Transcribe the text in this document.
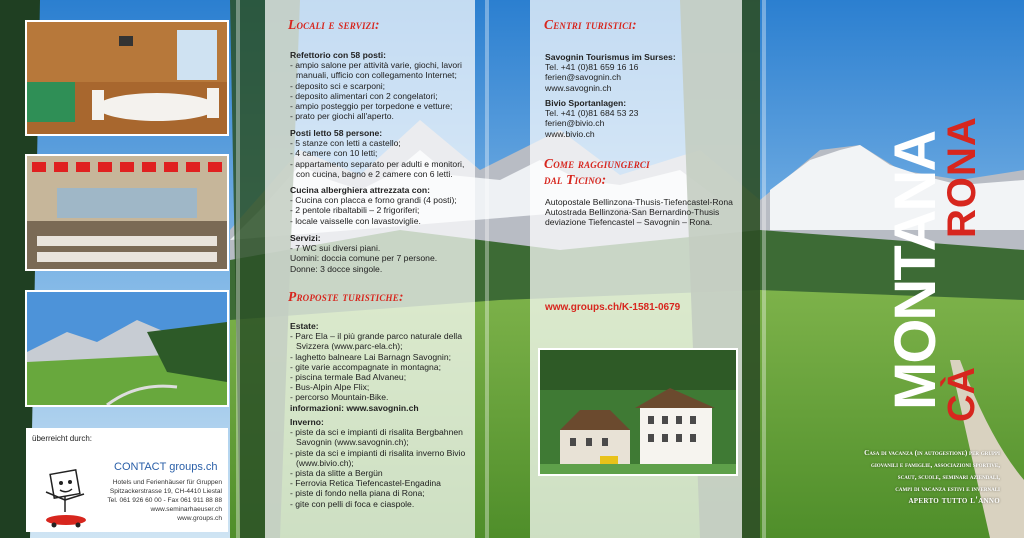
überreicht durch:
CONTACT groups.ch
Hotels und Ferienhäuser für Gruppen
Spitzackerstrasse 19, CH-4410 Liestal
Tel. 061 926 60 00 - Fax 061 911 88 88
www.seminarhaeuser.ch
www.groups.ch
Locali e servizi:
Refettorio con 58 posti:
- ampio salone per attività varie, giochi, lavori
manuali, ufficio con collegamento Internet;
- deposito sci e scarponi;
- deposito alimentari con 2 congelatori;
- ampio posteggio per torpedone e vetture;
- prato per giochi all'aperto.
Posti letto 58 persone:
- 5 stanze con letti a castello;
- 4 camere con 10 letti;
- appartamento separato per adulti e monitori,
con cucina, bagno e 2 camere con 6 letti.
Cucina alberghiera attrezzata con:
- Cucina con placca e forno grandi (4 posti);
- 2 pentole ribaltabili – 2 frigoriferi;
- locale vaisselle con lavastoviglie.
Servizi:
- 7 WC sui diversi piani.
Uomini: doccia comune per 7 persone.
Donne: 3 docce singole.
Proposte turistiche:
Estate:
- Parc Ela – il più grande parco naturale della
Svizzera (www.parc-ela.ch);
- laghetto balneare Lai Barnagn Savognin;
- gite varie accompagnate in montagna;
- piscina termale Bad Alvaneu;
- Bus-Alpin Alpe Flix;
- percorso Mountain-Bike.
informazioni: www.savognin.ch
Inverno:
- piste da sci e impianti di risalita Bergbahnen
Savognin (www.savognin.ch);
- piste da sci e impianti di risalita inverno Bivio
(www.bivio.ch);
- pista da slitte a Bergün
- Ferrovia Retica Tiefencastel-Engadina
- piste di fondo nella piana di Rona;
- gite con pelli di foca e ciaspole.
Centri turistici:
Savognin Tourismus im Surses:
Tel. +41 (0)81 659 16 16
ferien@savognin.ch
www.savognin.ch
Bivio Sportanlagen:
Tel. +41 (0)81 684 53 23
ferien@bivio.ch
www.bivio.ch
Come raggiungerci
dal Ticino:
Autopostale Bellinzona-Thusis-Tiefencastel-Rona
Autostrada Bellinzona-San Bernardino-Thusis
deviazione Tiefencastel – Savognin – Rona.
www.groups.ch/K-1581-0679	MONTANA
RONA
CÀ
Casa di vacanza (in autogestione) per gruppi
giovanili e famiglie, associazioni sportive,
scaut, scuole, seminari aziendali,
campi di vacanza estivi e invernali
aperto tutto l'anno
